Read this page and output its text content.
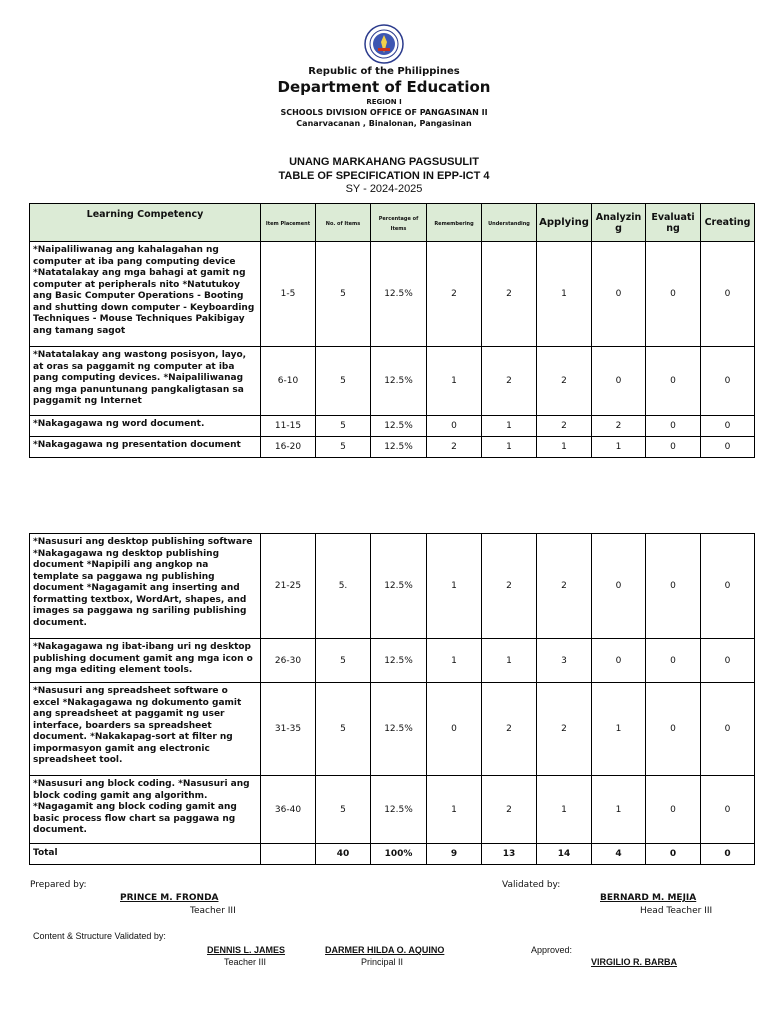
Republic of the Philippines
Department of Education
REGION I
SCHOOLS DIVISION OFFICE OF PANGASINAN II
Canarvacanan , Binalonan, Pangasinan
UNANG MARKAHANG PAGSUSULIT
TABLE OF SPECIFICATION IN EPP-ICT 4
SY - 2024-2025
Learning Competency	Item Placement	No. of Items	Percentage of Items	Remembering	Understanding	Applying	Analyzin g	Evaluati ng	Creating
*Naipaliliwanag ang kahalagahan ng computer at iba pang computing device *Natatalakay ang mga bahagi at gamit ng computer at peripherals nito *Natutukoy ang Basic Computer Operations - Booting and shutting down computer - Keyboarding Techniques - Mouse Techniques Pakibigay ang tamang sagot	1-5	5	12.5%	2	2	1	0	0	0
*Natatalakay ang wastong posisyon, layo, at oras sa paggamit ng computer at iba pang computing devices. *Naipaliliwanag ang mga panuntunang pangkaligtasan sa paggamit ng Internet	6-10	5	12.5%	1	2	2	0	0	0
*Nakagagawa ng word document.	11-15	5	12.5%	0	1	2	2	0	0
*Nakagagawa ng presentation document	16-20	5	12.5%	2	1	1	1	0	0
*Nasusuri ang desktop publishing software *Nakagagawa ng desktop publishing document *Napipili ang angkop na template sa paggawa ng publishing document *Nagagamit ang inserting and formatting textbox, WordArt, shapes, and images sa paggawa ng sariling publishing document.	21-25	5.	12.5%	1	2	2	0	0	0
*Nakagagawa ng ibat-ibang uri ng desktop publishing document gamit ang mga icon o ang mga editing element tools.	26-30	5	12.5%	1	1	3	0	0	0
*Nasusuri ang spreadsheet software o excel *Nakagagawa ng dokumento gamit ang spreadsheet at paggamit ng user interface, boarders sa spreadsheet document. *Nakakapag-sort at filter ng impormasyon gamit ang electronic spreadsheet tool.	31-35	5	12.5%	0	2	2	1	0	0
*Nasusuri ang block coding. *Nasusuri ang block coding gamit ang algorithm. *Nagagamit ang block coding gamit ang basic process flow chart sa paggawa ng document.	36-40	5	12.5%	1	2	1	1	0	0
Total		40	100%	9	13	14	4	0	0
Prepared by:
PRINCE M. FRONDA
Teacher III
Validated by:
BERNARD M. MEJIA
Head Teacher III
Content & Structure Validated by:
DENNIS L. JAMES
Teacher III
DARMER HILDA O. AQUINO
Principal II
Approved:
VIRGILIO R. BARBA
